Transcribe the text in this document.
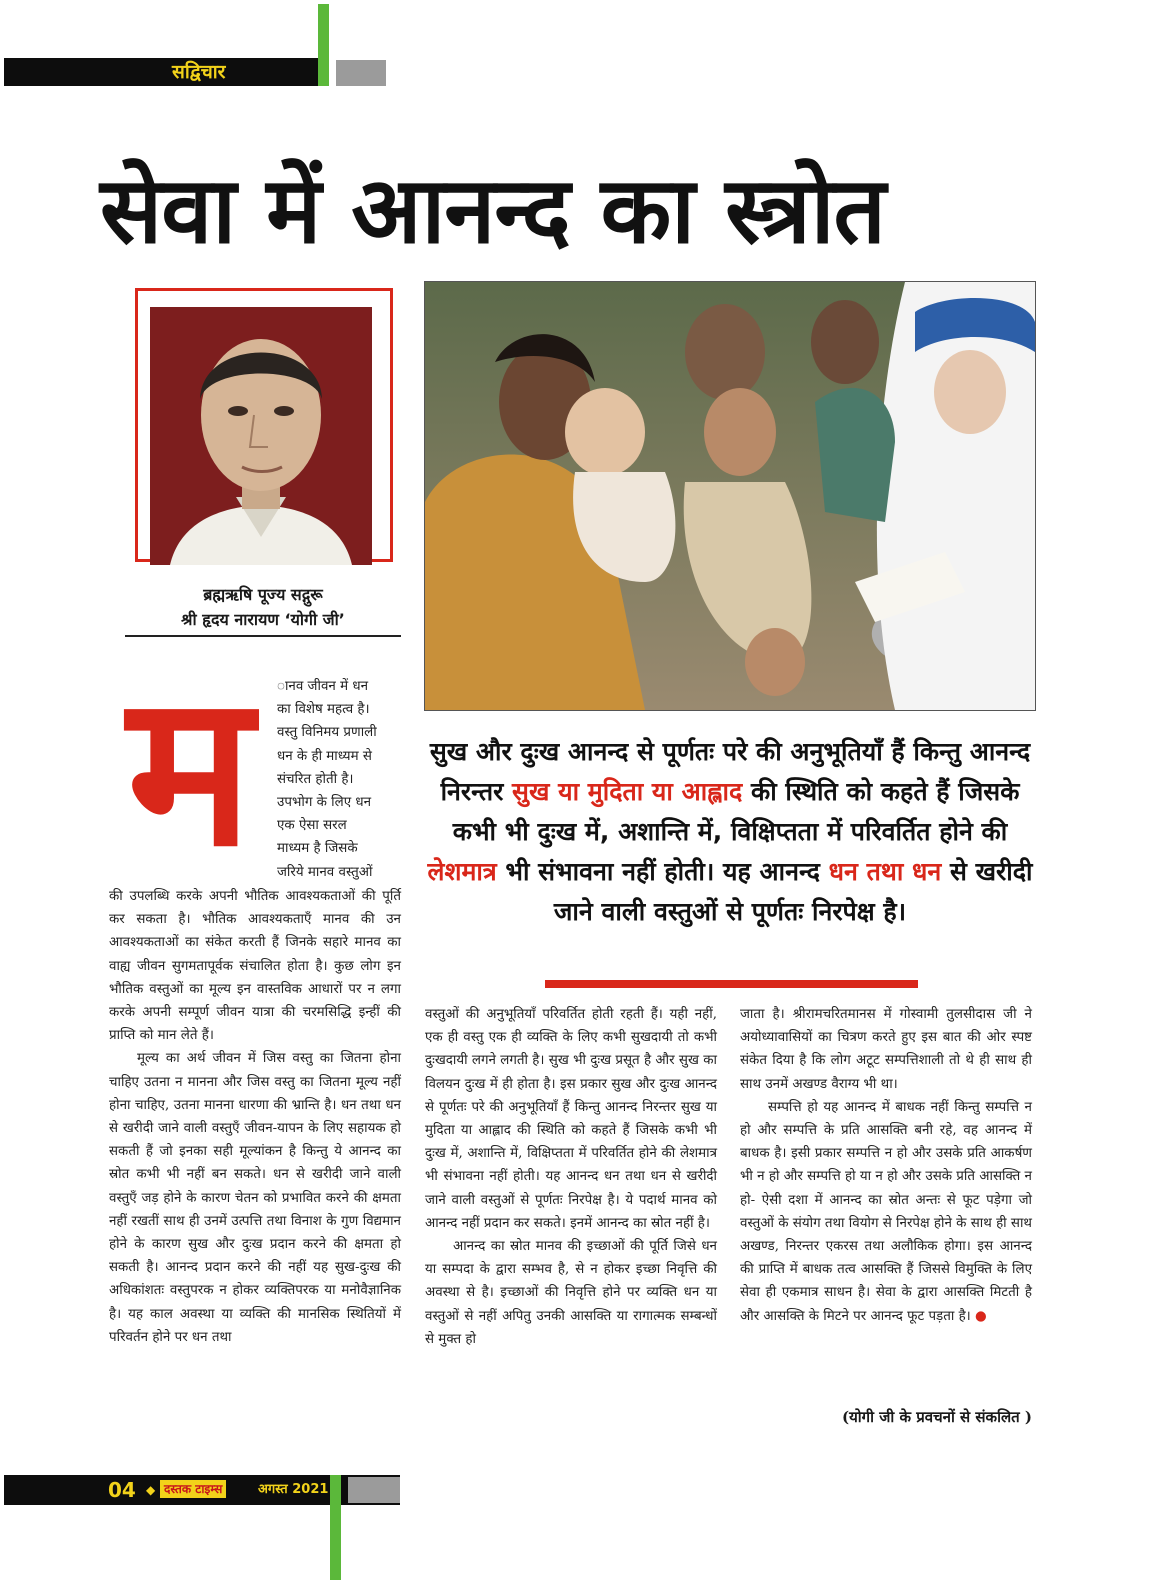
सद्विचार
सेवा में आनन्द का स्त्रोत
ब्रह्मऋषि पूज्य सद्गुरू
श्री हृदय नारायण ‘योगी जी’
म	ानव जीवन में धन
का विशेष महत्व है।
वस्तु विनिमय प्रणाली
धन के ही माध्यम से
संचरित होती है।
उपभोग के लिए धन
एक ऐसा सरल
माध्यम है जिसके
जरिये मानव वस्तुओं

की उपलब्धि करके अपनी भौतिक आवश्यकताओं की पूर्ति कर सकता है। भौतिक आवश्यकताएँ मानव की उन आवश्यकताओं का संकेत करती हैं जिनके सहारे मानव का वाह्य जीवन सुगमतापूर्वक संचालित होता है। कुछ लोग इन भौतिक वस्तुओं का मूल्य इन वास्तविक आधारों पर न लगा करके अपनी सम्पूर्ण जीवन यात्रा की चरमसिद्धि इन्हीं की प्राप्ति को मान लेते हैं।

मूल्य का अर्थ जीवन में जिस वस्तु का जितना होना चाहिए उतना न मानना और जिस वस्तु का जितना मूल्य नहीं होना चाहिए, उतना मानना धारणा की भ्रान्ति है। धन तथा धन से खरीदी जाने वाली वस्तुएँ जीवन-यापन के लिए सहायक हो सकती हैं जो इनका सही मूल्यांकन है किन्तु ये आनन्द का स्रोत कभी भी नहीं बन सकते। धन से खरीदी जाने वाली वस्तुएँ जड़ होने के कारण चेतन को प्रभावित करने की क्षमता नहीं रखतीं साथ ही उनमें उत्पत्ति तथा विनाश के गुण विद्यमान होने के कारण सुख और दुःख प्रदान करने की क्षमता हो सकती है। आनन्द प्रदान करने की नहीं यह सुख-दुःख की अधिकांशतः वस्तुपरक न होकर व्यक्तिपरक या मनोवैज्ञानिक है। यह काल अवस्था या व्यक्ति की मानसिक स्थितियों में परिवर्तन होने पर धन तथा

सुख और दुःख आनन्द से पूर्णतः परे की अनुभूतियाँ हैं किन्तु आनन्द निरन्तर सुख या मुदिता या आह्लाद की स्थिति को कहते हैं जिसके कभी भी दुःख में, अशान्ति में, विक्षिप्तता में परिवर्तित होने की लेशमात्र भी संभावना नहीं होती। यह आनन्द धन तथा धन से खरीदी जाने वाली वस्तुओं से पूर्णतः निरपेक्ष है।

वस्तुओं की अनुभूतियाँ परिवर्तित होती रहती हैं। यही नहीं, एक ही वस्तु एक ही व्यक्ति के लिए कभी सुखदायी तो कभी दुःखदायी लगने लगती है। सुख भी दुःख प्रसूत है और सुख का विलयन दुःख में ही होता है। इस प्रकार सुख और दुःख आनन्द से पूर्णतः परे की अनुभूतियाँ हैं किन्तु आनन्द निरन्तर सुख या मुदिता या आह्लाद की स्थिति को कहते हैं जिसके कभी भी दुःख में, अशान्ति में, विक्षिप्तता में परिवर्तित होने की लेशमात्र भी संभावना नहीं होती। यह आनन्द धन तथा धन से खरीदी जाने वाली वस्तुओं से पूर्णतः निरपेक्ष है। ये पदार्थ मानव को आनन्द नहीं प्रदान कर सकते। इनमें आनन्द का स्रोत नहीं है।

आनन्द का स्रोत मानव की इच्छाओं की पूर्ति जिसे धन या सम्पदा के द्वारा सम्भव है, से न होकर इच्छा निवृत्ति की अवस्था से है। इच्छाओं की निवृत्ति होने पर व्यक्ति धन या वस्तुओं से नहीं अपितु उनकी आसक्ति या रागात्मक सम्बन्धों से मुक्त हो

जाता है। श्रीरामचरितमानस में गोस्वामी तुलसीदास जी ने अयोध्यावासियों का चित्रण करते हुए इस बात की ओर स्पष्ट संकेत दिया है कि लोग अटूट सम्पत्तिशाली तो थे ही साथ ही साथ उनमें अखण्ड वैराग्य भी था।

सम्पत्ति हो यह आनन्द में बाधक नहीं किन्तु सम्पत्ति न हो और सम्पत्ति के प्रति आसक्ति बनी रहे, वह आनन्द में बाधक है। इसी प्रकार सम्पत्ति न हो और उसके प्रति आकर्षण भी न हो और सम्पत्ति हो या न हो और उसके प्रति आसक्ति न हो- ऐसी दशा में आनन्द का स्रोत अन्तः से फूट पड़ेगा जो वस्तुओं के संयोग तथा वियोग से निरपेक्ष होने के साथ ही साथ अखण्ड, निरन्तर एकरस तथा अलौकिक होगा। इस आनन्द की प्राप्ति में बाधक तत्व आसक्ति हैं जिससे विमुक्ति के लिए सेवा ही एकमात्र साधन है। सेवा के द्वारा आसक्ति मिटती है और आसक्ति के मिटने पर आनन्द फूट पड़ता है। ●

(योगी जी के प्रवचनों से संकलित )
04 ◆ दस्तक टाइम्स	अगस्त 2021
